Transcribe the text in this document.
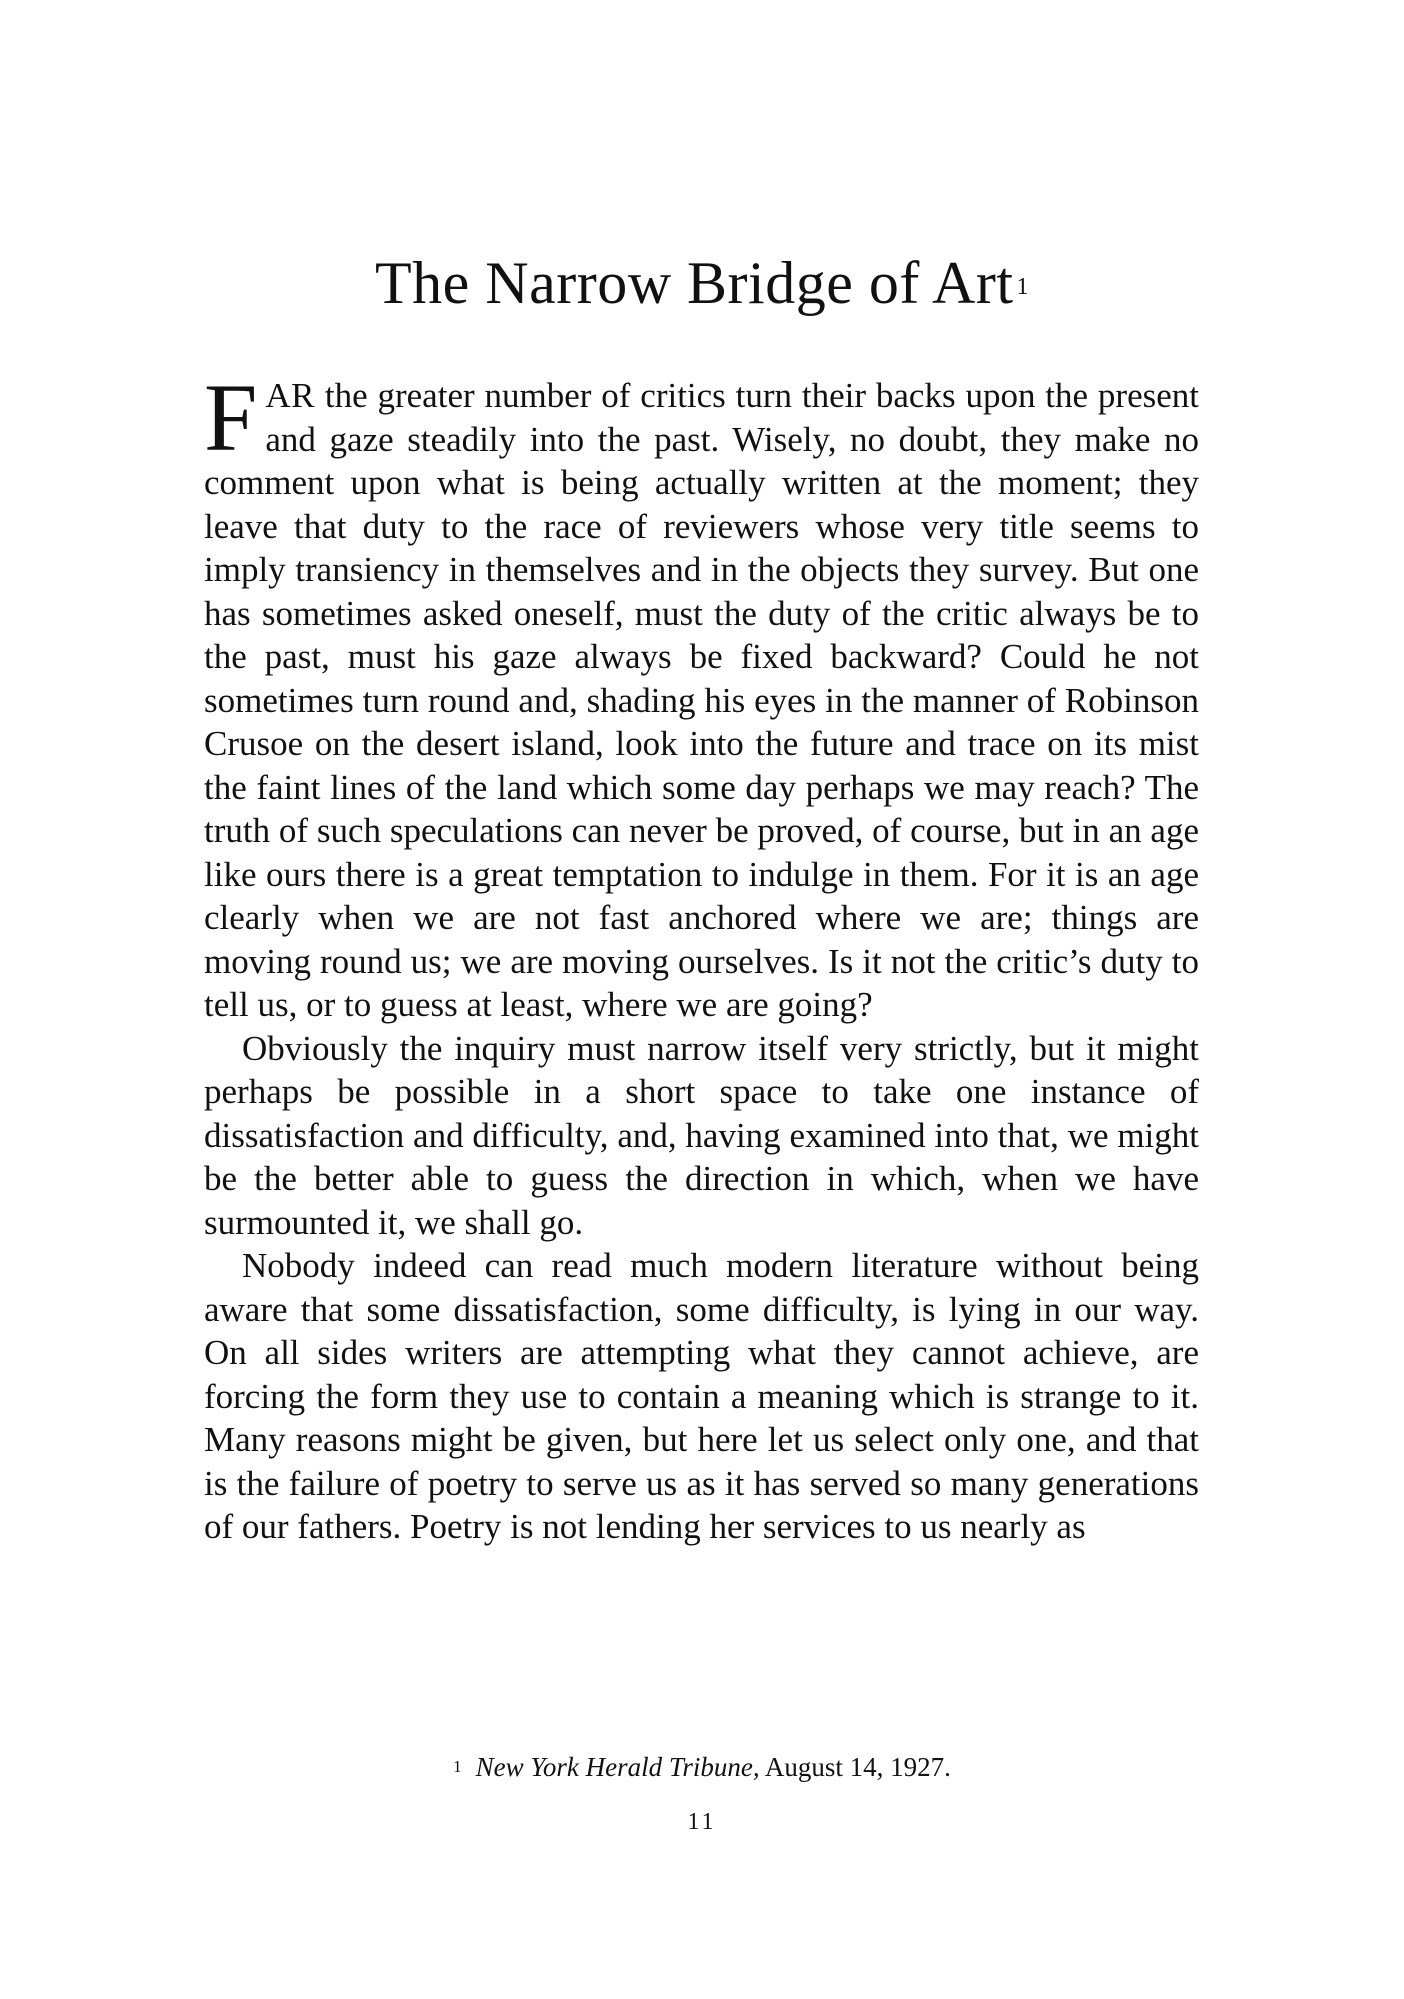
The Narrow Bridge of Art $^1$

FAR the greater number of critics turn their backs upon the present and gaze steadily into the past. Wisely, no doubt, they make no comment upon what is being actually written at the moment; they leave that duty to the race of reviewers whose very title seems to imply transiency in themselves and in the objects they survey. But one has sometimes asked oneself, must the duty of the critic always be to the past, must his gaze always be fixed backward? Could he not sometimes turn round and, shading his eyes in the manner of Robinson Crusoe on the desert island, look into the future and trace on its mist the faint lines of the land which some day perhaps we may reach? The truth of such speculations can never be proved, of course, but in an age like ours there is a great temptation to indulge in them. For it is an age clearly when we are not fast anchored where we are; things are moving round us; we are moving ourselves. Is it not the critic’s duty to tell us, or to guess at least, where we are going?

Obviously the inquiry must narrow itself very strictly, but it might perhaps be possible in a short space to take one instance of dissatisfaction and difficulty, and, having examined into that, we might be the better able to guess the direction in which, when we have surmounted it, we shall go.

Nobody indeed can read much modern literature without being aware that some dissatisfaction, some difficulty, is lying in our way. On all sides writers are attempting what they cannot achieve, are forcing the form they use to contain a meaning which is strange to it. Many reasons might be given, but here let us select only one, and that is the failure of poetry to serve us as it has served so many generations of our fathers. Poetry is not lending her services to us nearly as

$^1$ New York Herald Tribune, August 14, 1927.
11
